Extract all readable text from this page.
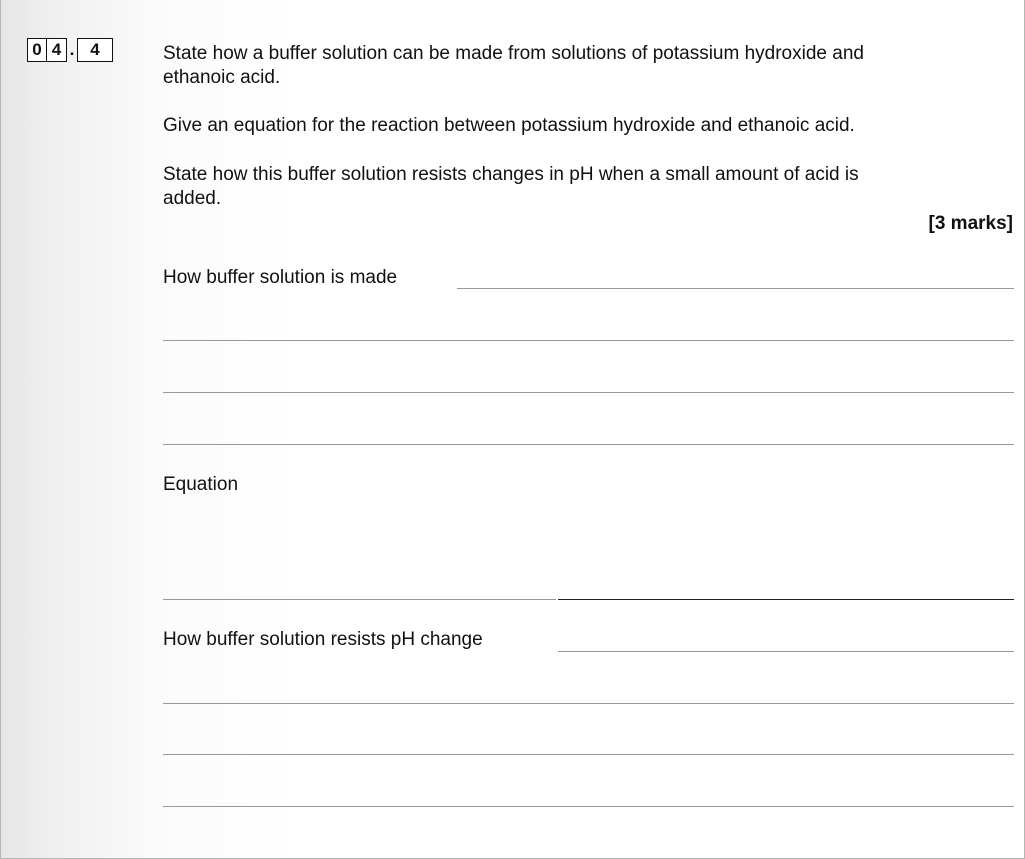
0 4 . 4	State how a buffer solution can be made from solutions of potassium hydroxide and
ethanoic acid.
Give an equation for the reaction between potassium hydroxide and ethanoic acid.
State how this buffer solution resists changes in pH when a small amount of acid is
added.
[3 marks]
How buffer solution is made
Equation
How buffer solution resists pH change
